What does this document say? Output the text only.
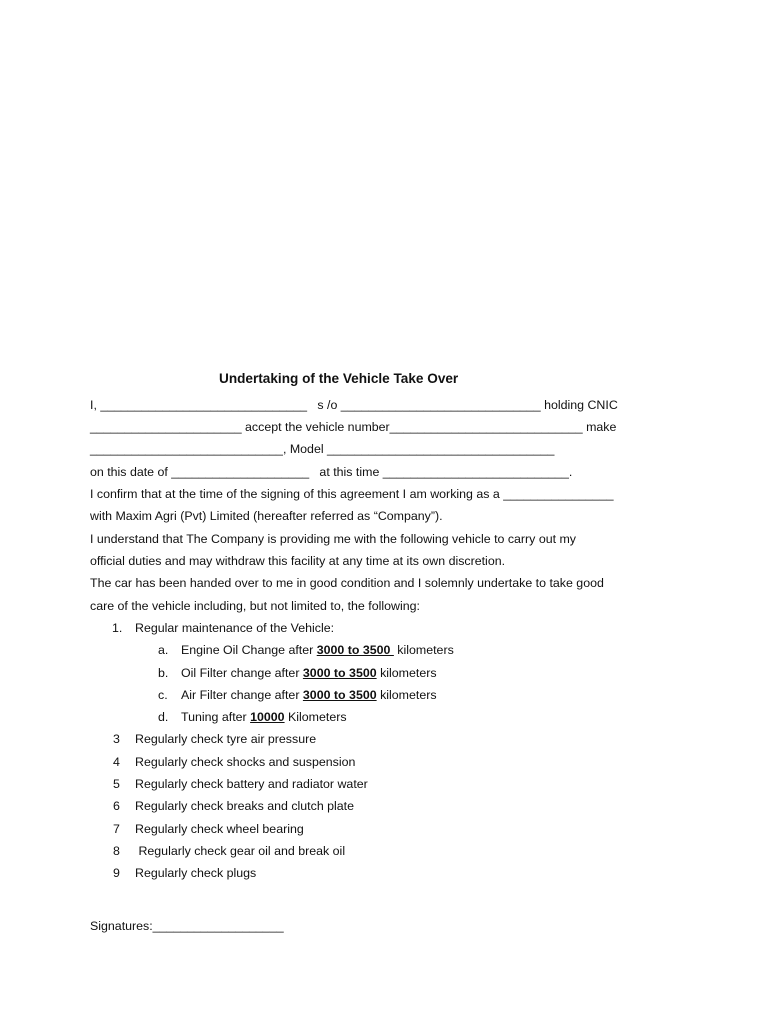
Undertaking of the Vehicle Take Over
I, ______________________________   s /o _____________________________ holding CNIC
______________________ accept the vehicle number____________________________ make
____________________________, Model _________________________________
on this date of ____________________   at this time ___________________________.
I confirm that at the time of the signing of this agreement I am working as a ________________
with Maxim Agri (Pvt) Limited (hereafter referred as “Company”).
I understand that The Company is providing me with the following vehicle to carry out my
official duties and may withdraw this facility at any time at its own discretion.
The car has been handed over to me in good condition and I solemnly undertake to take good
care of the vehicle including, but not limited to, the following:
1. Regular maintenance of the Vehicle:
a. Engine Oil Change after 3000 to 3500  kilometers
b. Oil Filter change after 3000 to 3500 kilometers
c. Air Filter change after 3000 to 3500 kilometers
d. Tuning after 10000 Kilometers
3 Regularly check tyre air pressure
4 Regularly check shocks and suspension
5 Regularly check battery and radiator water
6 Regularly check breaks and clutch plate
7 Regularly check wheel bearing
8 Regularly check gear oil and break oil
9 Regularly check plugs
Signatures:___________________
